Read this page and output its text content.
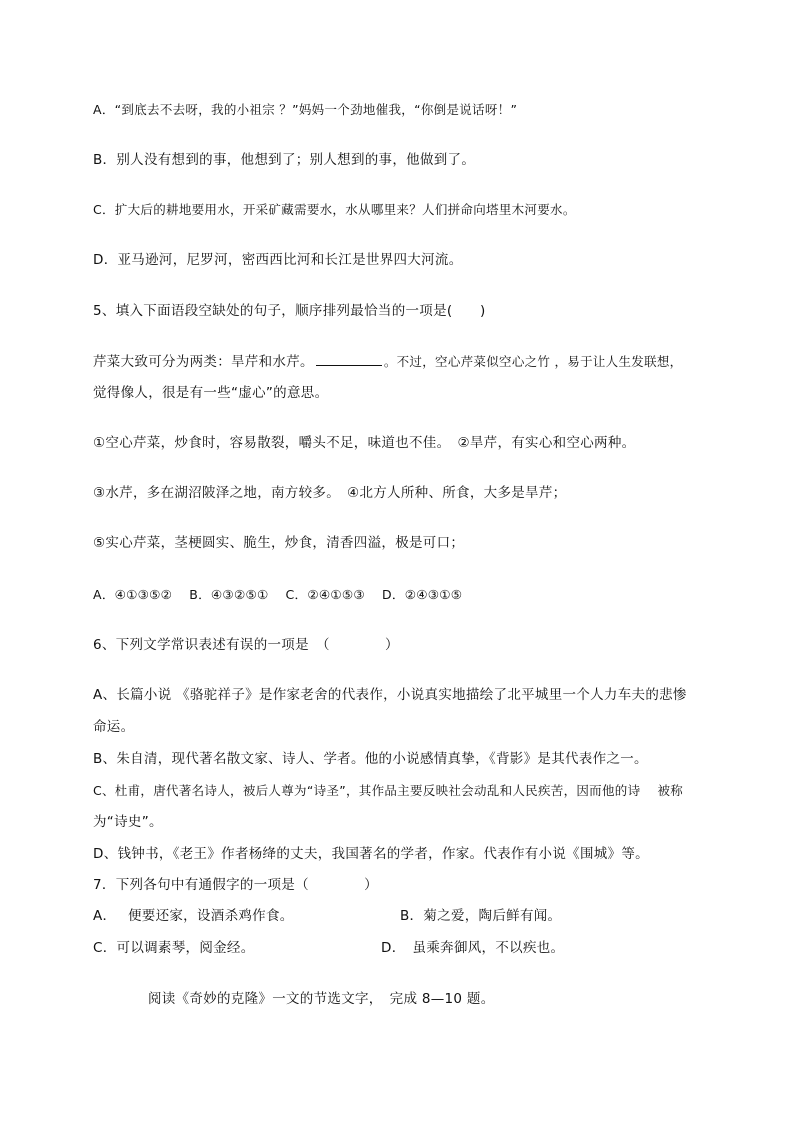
A．“到底去不去呀，我的小祖宗 ？”妈妈一个劲地催我，“你倒是说话呀！”
B．别人没有想到的事，他想到了；别人想到的事，他做到了。
C．扩大后的耕地要用水，开采矿藏需要水，水从哪里来？人们拼命向塔里木河要水。
D．亚马逊河，尼罗河，密西西比河和长江是世界四大河流。
5、填入下面语段空缺处的句子，顺序排列最恰当的一项是(　　)
芹菜大致可分为两类：旱芹和水芹。	。不过，空心芹菜似空心之竹 ，易于让人生发联想，
觉得像人，很是有一些“虚心”的意思。
①空心芹菜，炒食时，容易散裂，嚼头不足，味道也不佳。　②旱芹，有实心和空心两种。
③水芹，多在湖沼陂泽之地，南方较多。　④北方人所种、所食，大多是旱芹；
⑤实心芹菜，茎梗圆实、脆生，炒食，清香四溢，极是可口；
A．④①③⑤②　 B．④③②⑤①　 C．②④①⑤③　 D．②④③①⑤
6、下列文学常识表述有误的一项是　（　　　　）
A、长篇小说 《骆驼祥子》是作家老舍的代表作，小说真实地描绘了北平城里一个人力车夫的悲惨
命运。
B、朱自清，现代著名散文家、诗人、学者。他的小说感情真挚，《背影》是其代表作之一。
C、杜甫，唐代著名诗人，被后人尊为“诗圣”，其作品主要反映社会动乱和人民疾苦，因而他的诗　 被称
为“诗史”。
D、钱钟书，《老王》作者杨绛的丈夫，我国著名的学者，作家。代表作有小说《围城》等。
7．下列各句中有通假字的一项是（　　　　）
A．　 便要还家，设酒杀鸡作食。	B．菊之爱，陶后鲜有闻。
C．可以调素琴，阅金经。	D．　虽乘奔御风，不以疾也。
阅读《奇妙的克隆》一文的节选文字，　完成 8—10 题。
